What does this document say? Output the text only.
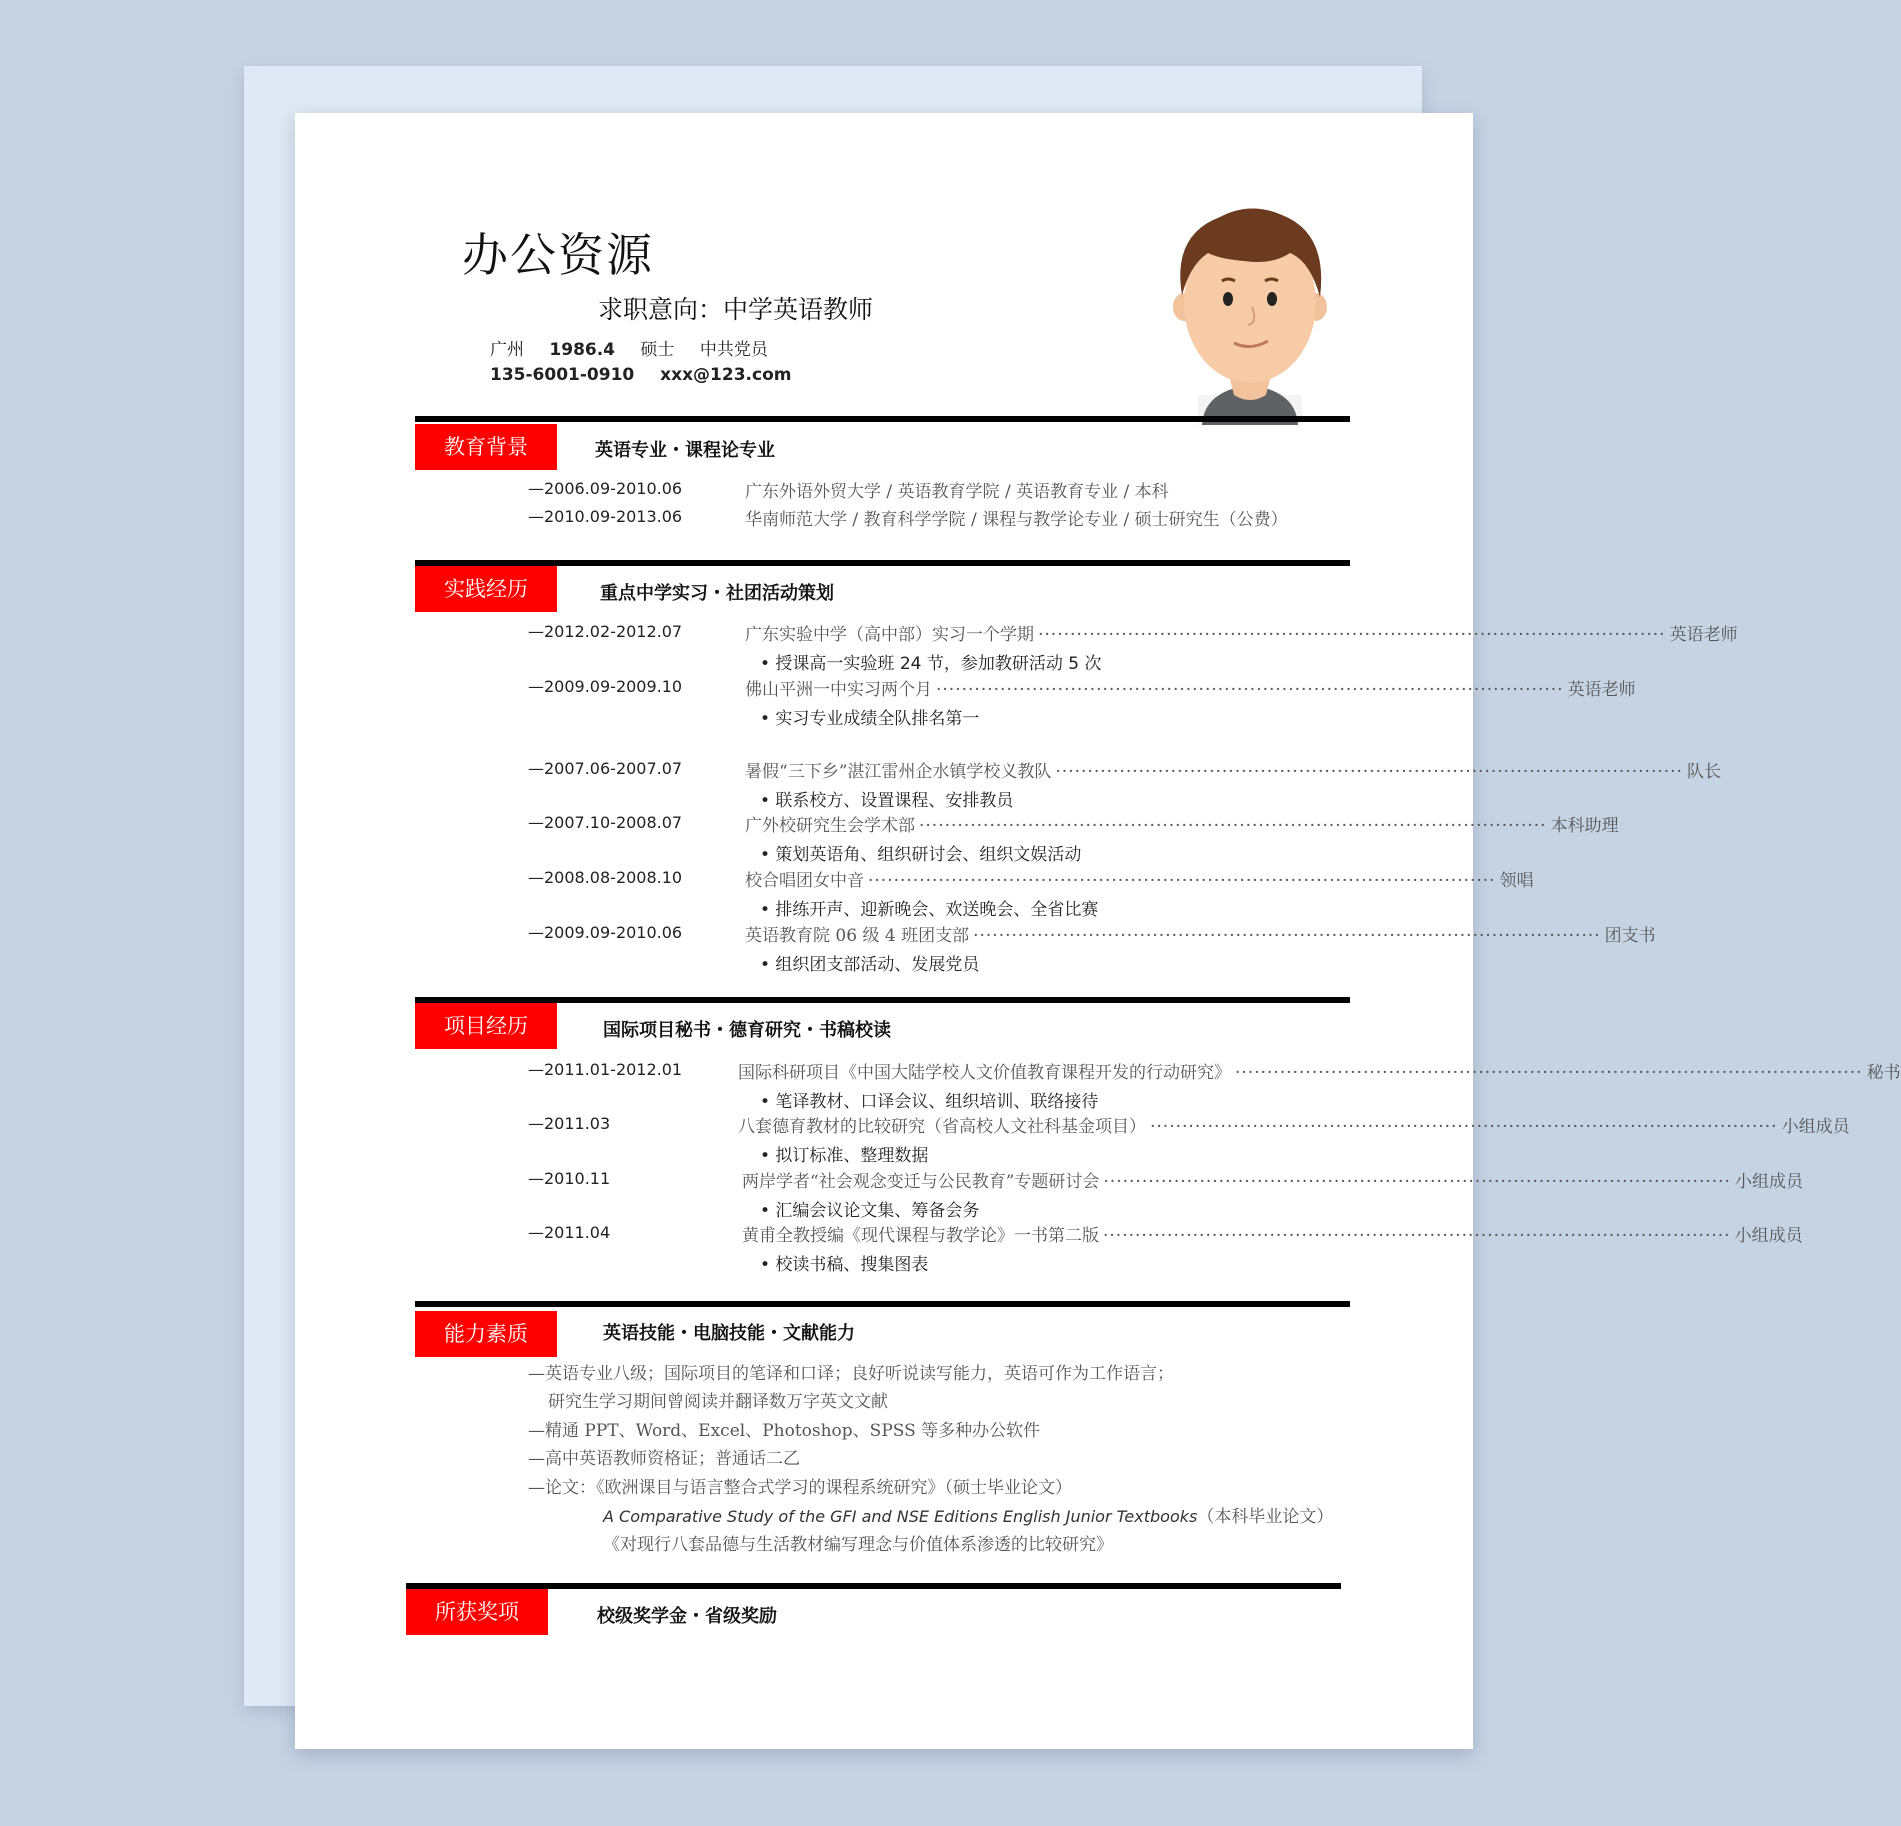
办公资源
求职意向：中学英语教师
广州 1986.4 硕士 中共党员
135-6001-0910 xxx@123.com
教育背景	英语专业・课程论专业
—2006.09-2010.06	广东外语外贸大学 / 英语教育学院 / 英语教育专业 / 本科
—2010.09-2013.06	华南师范大学 / 教育科学学院 / 课程与教学论专业 / 硕士研究生（公费）
实践经历	重点中学实习・社团活动策划
—2012.02-2012.07	广东实验中学（高中部）实习一个学期 ·································································································· 英语老师
• 授课高一实验班 24 节，参加教研活动 5 次
—2009.09-2009.10	佛山平洲一中实习两个月 ·································································································· 英语老师
• 实习专业成绩全队排名第一
—2007.06-2007.07	暑假“三下乡”湛江雷州企水镇学校义教队 ·································································································· 队长
• 联系校方、设置课程、安排教员
—2007.10-2008.07	广外校研究生会学术部 ·································································································· 本科助理
• 策划英语角、组织研讨会、组织文娱活动
—2008.08-2008.10	校合唱团女中音 ·································································································· 领唱
• 排练开声、迎新晚会、欢送晚会、全省比赛
—2009.09-2010.06	英语教育院 06 级 4 班团支部 ·································································································· 团支书
• 组织团支部活动、发展党员
项目经历	国际项目秘书・德育研究・书稿校读
—2011.01-2012.01	国际科研项目《中国大陆学校人文价值教育课程开发的行动研究》 ·································································································· 秘书
• 笔译教材、口译会议、组织培训、联络接待
—2011.03	八套德育教材的比较研究（省高校人文社科基金项目） ·································································································· 小组成员
• 拟订标准、整理数据
—2010.11	两岸学者“社会观念变迁与公民教育”专题研讨会 ·································································································· 小组成员
• 汇编会议论文集、筹备会务
—2011.04	黄甫全教授编《现代课程与教学论》一书第二版 ·································································································· 小组成员
• 校读书稿、搜集图表
能力素质	英语技能・电脑技能・文献能力
—英语专业八级；国际项目的笔译和口译；良好听说读写能力，英语可作为工作语言；
研究生学习期间曾阅读并翻译数万字英文文献
—精通 PPT、Word、Excel、Photoshop、SPSS 等多种办公软件
—高中英语教师资格证；普通话二乙
—论文：《欧洲课目与语言整合式学习的课程系统研究》（硕士毕业论文）
A Comparative Study of the GFI and NSE Editions English Junior Textbooks（本科毕业论文）
《对现行八套品德与生活教材编写理念与价值体系渗透的比较研究》
所获奖项	校级奖学金・省级奖励
